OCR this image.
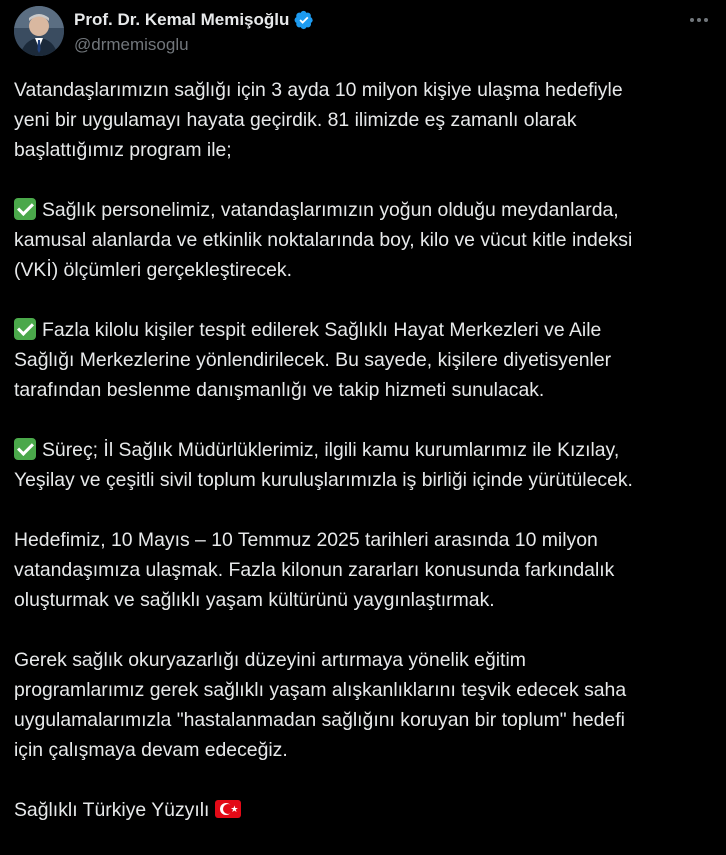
Prof. Dr. Kemal Memişoğlu
@drmemisoglu
Vatandaşlarımızın sağlığı için 3 ayda 10 milyon kişiye ulaşma hedefiyle
yeni bir uygulamayı hayata geçirdik. 81 ilimizde eş zamanlı olarak
başlattığımız program ile;
Sağlık personelimiz, vatandaşlarımızın yoğun olduğu meydanlarda,
kamusal alanlarda ve etkinlik noktalarında boy, kilo ve vücut kitle indeksi
(VKİ) ölçümleri gerçekleştirecek.
Fazla kilolu kişiler tespit edilerek Sağlıklı Hayat Merkezleri ve Aile
Sağlığı Merkezlerine yönlendirilecek. Bu sayede, kişilere diyetisyenler
tarafından beslenme danışmanlığı ve takip hizmeti sunulacak.
Süreç; İl Sağlık Müdürlüklerimiz, ilgili kamu kurumlarımız ile Kızılay,
Yeşilay ve çeşitli sivil toplum kuruluşlarımızla iş birliği içinde yürütülecek.
Hedefimiz, 10 Mayıs – 10 Temmuz 2025 tarihleri arasında 10 milyon
vatandaşımıza ulaşmak. Fazla kilonun zararları konusunda farkındalık
oluşturmak ve sağlıklı yaşam kültürünü yaygınlaştırmak.
Gerek sağlık okuryazarlığı düzeyini artırmaya yönelik eğitim
programlarımız gerek sağlıklı yaşam alışkanlıklarını teşvik edecek saha
uygulamalarımızla "hastalanmadan sağlığını koruyan bir toplum" hedefi
için çalışmaya devam edeceğiz.
Sağlıklı Türkiye Yüzyılı ★
